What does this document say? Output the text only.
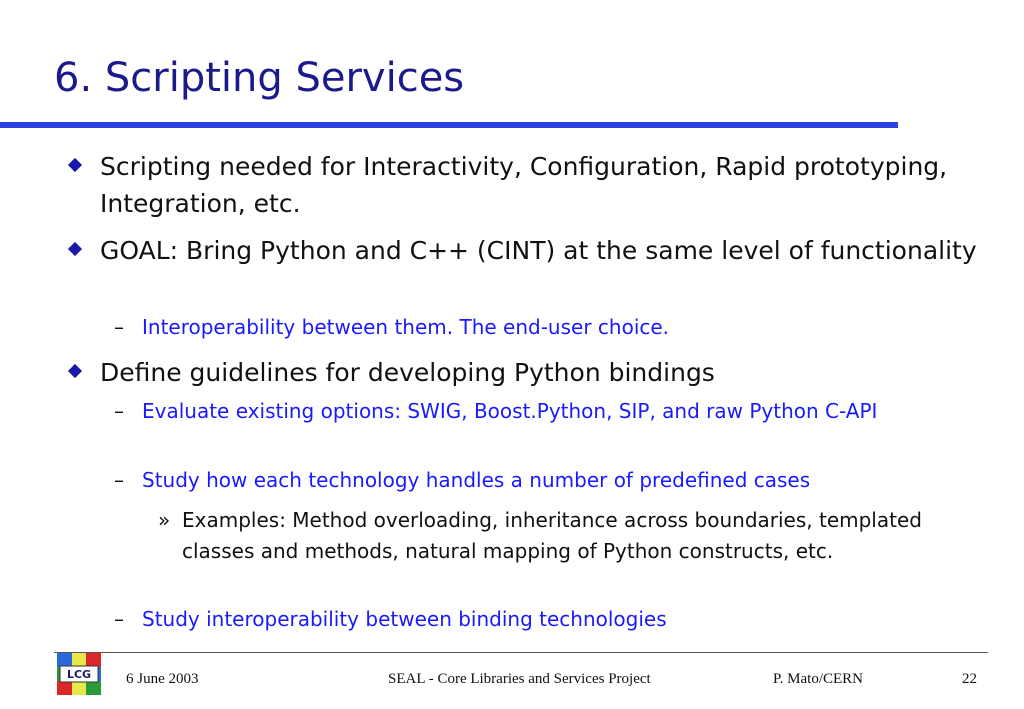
6. Scripting Services
Scripting needed for Interactivity, Configuration, Rapid prototyping, Integration, etc.
GOAL: Bring Python and C++ (CINT) at the same level of functionality
– Interoperability between them. The end-user choice.
Define guidelines for developing Python bindings
– Evaluate existing options: SWIG, Boost.Python, SIP, and raw Python C-API
– Study how each technology handles a number of predefined cases
» Examples: Method overloading, inheritance across boundaries, templated classes and methods, natural mapping of Python constructs, etc.
– Study interoperability between binding technologies
LCG 6 June 2003	SEAL - Core Libraries and Services Project	P. Mato/CERN	22
